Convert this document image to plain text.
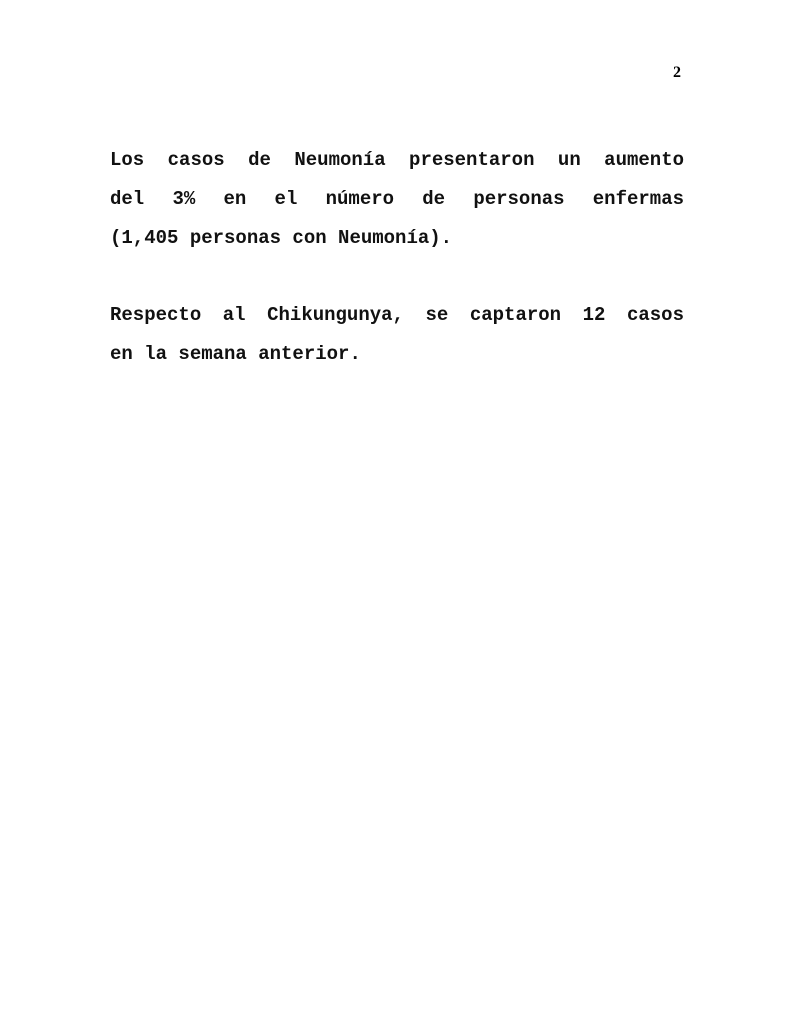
2
Los casos de Neumonía presentaron un aumento
del 3% en el número de personas enfermas
(1,405 personas con Neumonía).
Respecto al Chikungunya, se captaron 12 casos
en la semana anterior.
